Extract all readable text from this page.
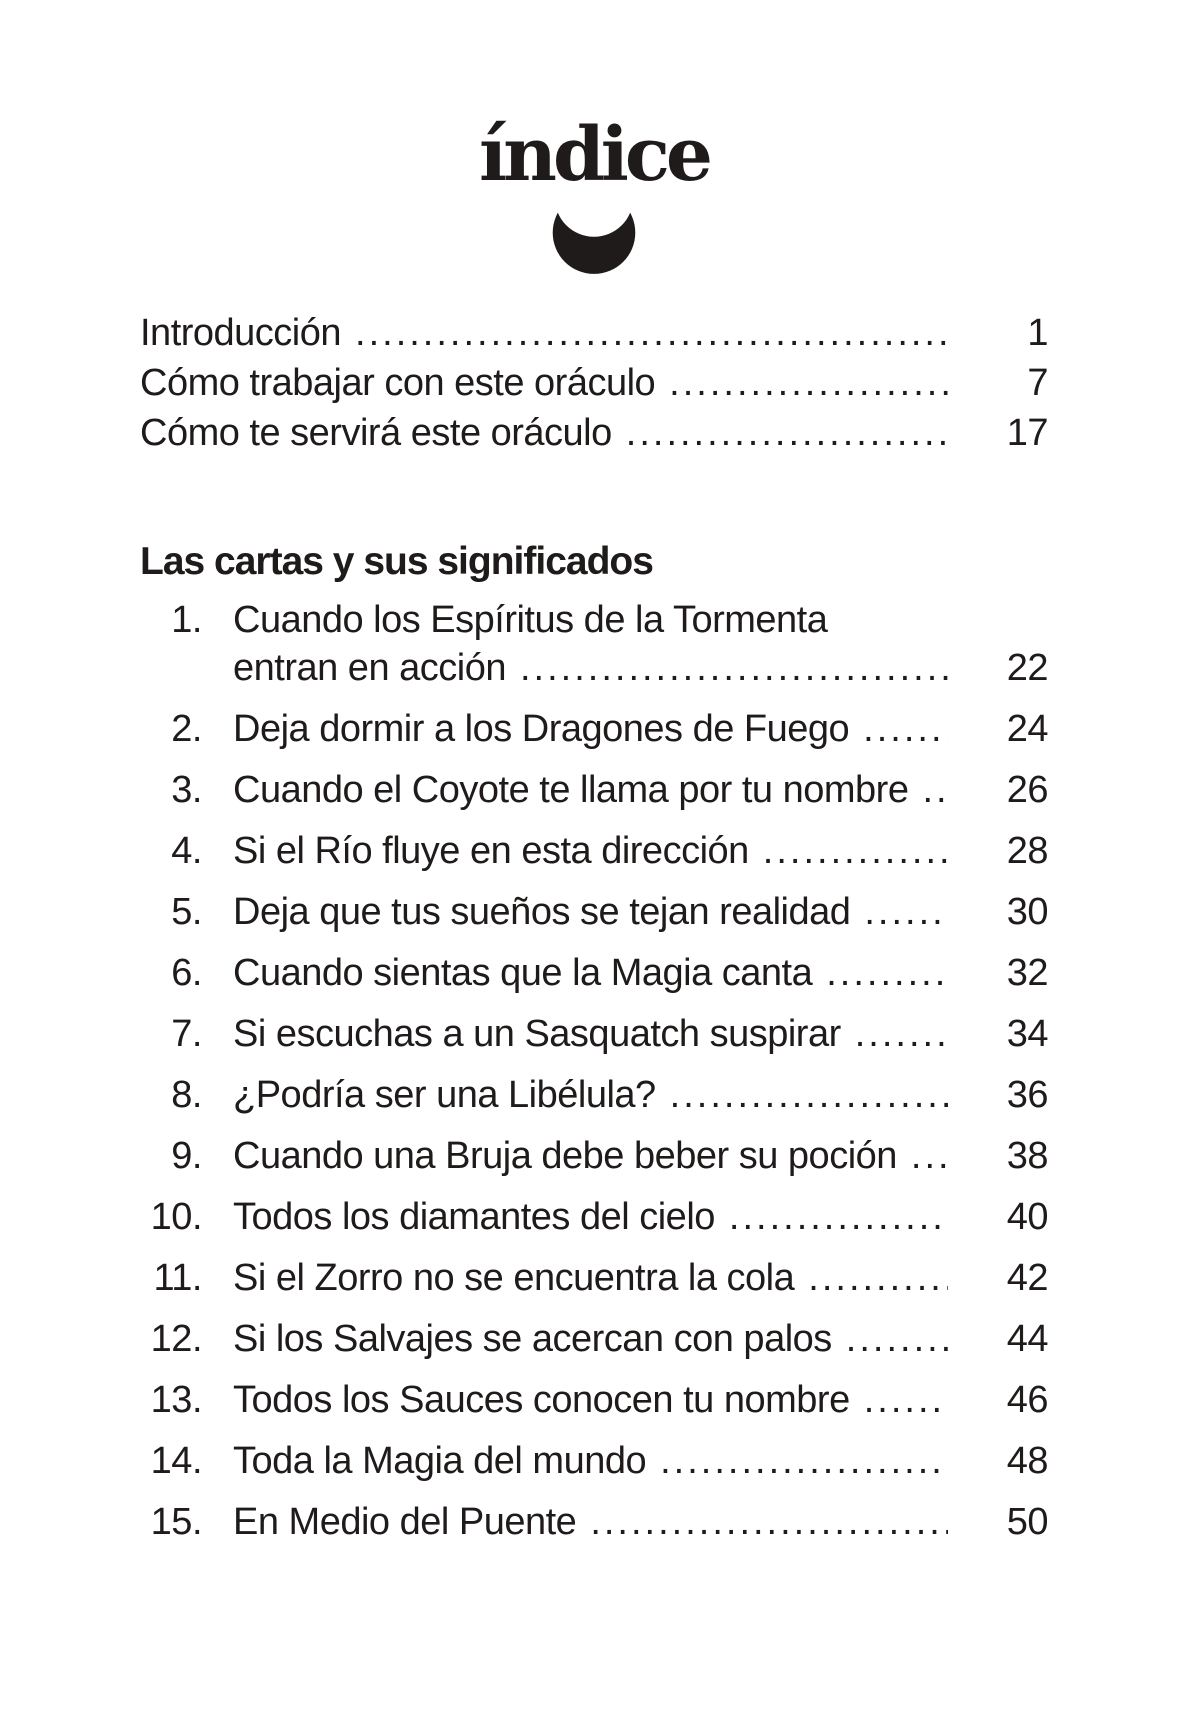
índice
Introducción .....	1
Cómo trabajar con este oráculo .....	7
Cómo te servirá este oráculo .....	17
Las cartas y sus significados
1. Cuando los Espíritus de la Tormenta
entran en acción .....	22
2. Deja dormir a los Dragones de Fuego .....	24
3. Cuando el Coyote te llama por tu nombre .....	26
4. Si el Río fluye en esta dirección .....	28
5. Deja que tus sueños se tejan realidad .....	30
6. Cuando sientas que la Magia canta .....	32
7. Si escuchas a un Sasquatch suspirar .....	34
8. ¿Podría ser una Libélula? .....	36
9. Cuando una Bruja debe beber su poción .....	38
10. Todos los diamantes del cielo .....	40
11. Si el Zorro no se encuentra la cola .....	42
12. Si los Salvajes se acercan con palos .....	44
13. Todos los Sauces conocen tu nombre .....	46
14. Toda la Magia del mundo .....	48
15. En Medio del Puente .....	50
